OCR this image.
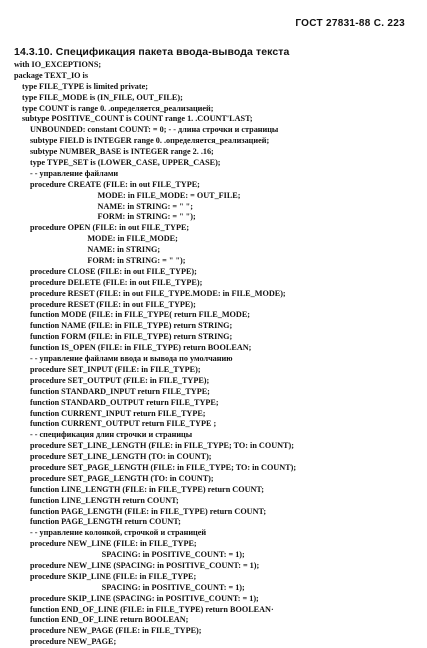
ГОСТ 27831-88 С. 223
14.3.10. Спецификация пакета ввода-вывода текста
with IO_EXCEPTIONS;
package TEXT_IO is
type FILE_TYPE is limited private;
type FILE_MODE is (IN_FILE, OUT_FILE);
type COUNT is range 0. .определяется_реализацией;
subtype POSITIVE_COUNT is COUNT range 1. .COUNT'LAST;
UNBOUNDED: constant COUNT: = 0; - - длина строчки и страницы
subtype FIELD is INTEGER range 0. .определяется_реализацией;
subtype NUMBER_BASE is INTEGER range 2. .16;
type TYPE_SET is (LOWER_CASE, UPPER_CASE);
- - управление файлами
procedure CREATE (FILE: in out FILE_TYPE;
MODE: in FILE_MODE: = OUT_FILE;
NAME: in STRING: = " ";
FORM: in STRING: = " ");
procedure OPEN (FILE: in out FILE_TYPE;
MODE: in FILE_MODE;
NAME: in STRING;
FORM: in STRING: = " ");
procedure CLOSE (FILE: in out FILE_TYPE);
procedure DELETE (FILE: in out FILE_TYPE);
procedure RESET (FILE: in out FILE_TYPE.MODE: in FILE_MODE);
procedure RESET (FILE: in out FILE_TYPE);
function MODE (FILE: in FILE_TYPE( return FILE_MODE;
function NAME (FILE: in FILE_TYPE) return STRING;
function FORM (FILE: in FILE_TYPE) return STRING;
function IS_OPEN (FILE: in FILE_TYPE) return BOOLEAN;
- - управление файлами ввода и вывода по умолчанию
procedure SET_INPUT (FILE: in FILE_TYPE);
procedure SET_OUTPUT (FILE: in FILE_TYPE);
function STANDARD_INPUT return FILE_TYPE;
function STANDARD_OUTPUT return FILE_TYPE;
function CURRENT_INPUT return FILE_TYPE;
function CURRENT_OUTPUT return FILE_TYPE ;
- - спецификация длин строчки и страницы
procedure SET_LINE_LENGTH (FILE: in FILE_TYPE; TO: in COUNT);
procedure SET_LINE_LENGTH (TO: in COUNT);
procedure SET_PAGE_LENGTH (FILE: in FILE_TYPE; TO: in COUNT);
procedure SET_PAGE_LENGTH (TO: in COUNT);
function LINE_LENGTH (FILE: in FILE_TYPE) return COUNT;
function LINE_LENGTH return COUNT;
function PAGE_LENGTH (FILE: in FILE_TYPE) return COUNT;
function PAGE_LENGTH return COUNT;
- - управление колонкой, строчкой и страницей
procedure NEW_LINE (FILE: in FILE_TYPE;
SPACING: in POSITIVE_COUNT: = 1);
procedure NEW_LINE (SPACING: in POSITIVE_COUNT: = 1);
procedure SKIP_LINE (FILE: in FILE_TYPE;
SPACING: in POSITIVE_COUNT: = 1);
procedure SKIP_LINE (SPACING: in POSITIVE_COUNT: = 1);
function END_OF_LINE (FILE: in FILE_TYPE) return BOOLEAN·
function END_OF_LINE return BOOLEAN;
procedure NEW_PAGE (FILE: in FILE_TYPE);
procedure NEW_PAGE;
